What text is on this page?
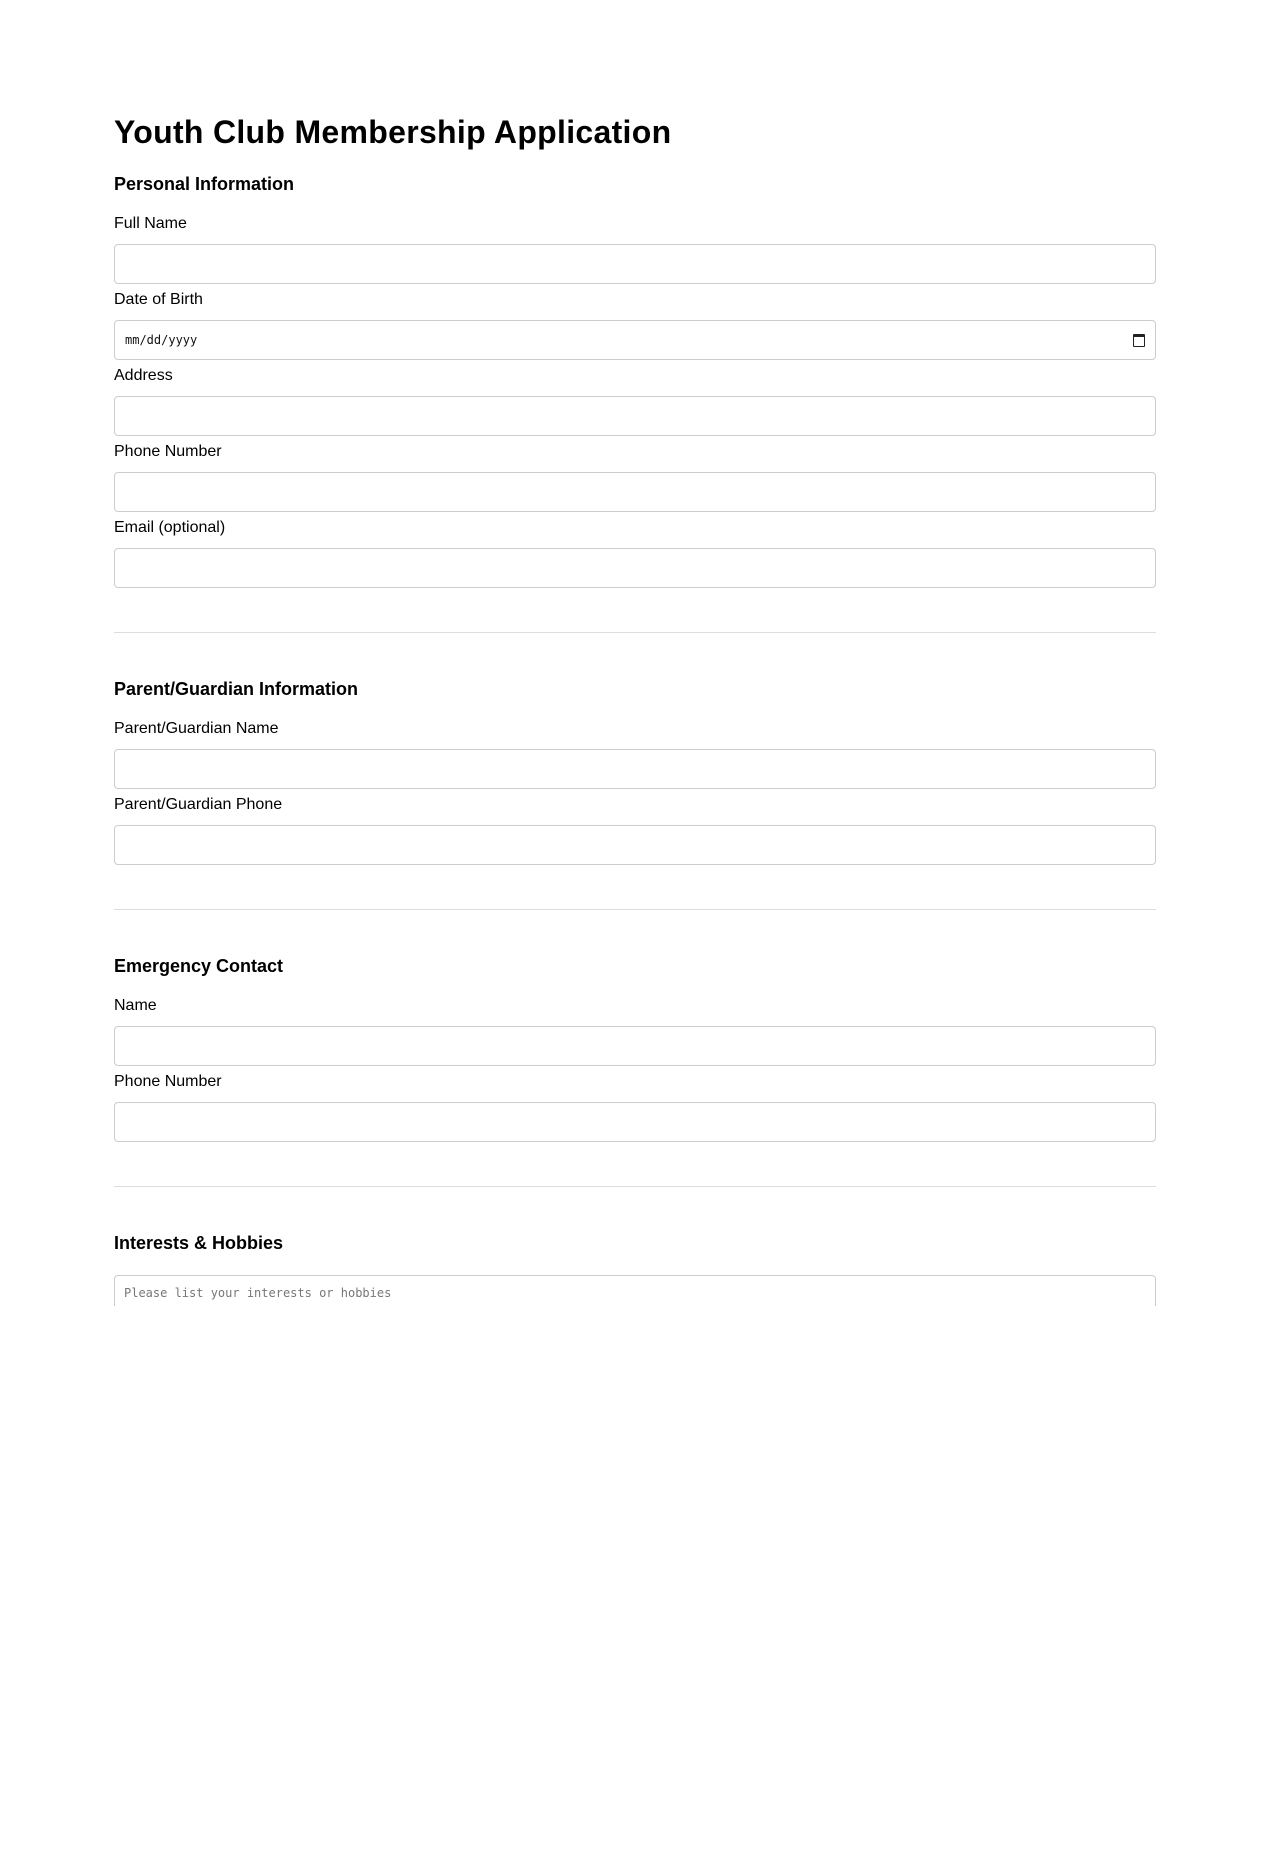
Youth Club Membership Application
Personal Information
Full Name
Date of Birth
mm/dd/yyyy
Address
Phone Number
Email (optional)
Parent/Guardian Information
Parent/Guardian Name
Parent/Guardian Phone
Emergency Contact
Name
Phone Number
Interests & Hobbies
Please list your interests or hobbies
